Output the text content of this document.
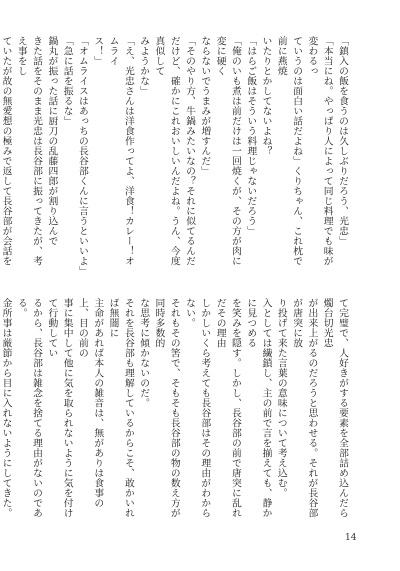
「鎮入の飯を食うのは久しぶりだろう、光忠」
「本当にね。やっぱり人によって同じ料理でも味が変わるっ
ていうのは面白い話だよね」くりちゃん、これ枕で前に燕焼
いたりとかしてないよね？
「はらご飯はそういう料理じゃないだろう」
「俺のいも煮は前だけは一回焼くが、その方が肉に変に硬く
ならないでうまみが増すんだ」
「そのやり方、牛鍋みたいなの？それに似てるんだ
だけど、確かにこれおいしいんだよね。うん、今度真似して
みようかな」
「え、光忠さんは洋食作ってよ、洋食！カレー！オムライ
ス！」
「オムライスはあっちの長谷部くんに言うといいよ」
「急に話を振るな」
鍋丸が振った話に厨刀の乱藤四郎が割り込んで
きた話をそのまま光忠は長谷部に振ってきたが、考え事をし
ていたが故の無愛想の極みで返して長谷部が会話を
て完璧で、人好きがする要素を全部詰め込んだら燭台切光忠
が出来上がるのだろうと思わせる。それが長谷部が唐突に放
り投げて来た言葉の意味について考え込む。
入としては繊鎖し、主の前で言を揃えても、静かに見つめる
を笑みを隠す。しかし、長谷部の前で唐突に乱れだその理由
しかしいくら考えても長谷部はその理由がわからない。
それもその筈で、そもそも長谷部の物の数え方が同時多数的
な思考に傾かないのだ。
それを長谷部も理解しているからこそ、敢かいれば無闇に
主命があれば本人の雑音は、無がありは食事の上、目の前の
事に集中して他に気を取られないように気を付けて行動してい
るから、長谷部は雑念を捨てる理由がないのである。
金所事は厳節から目に入れないようにしてきた。
14
